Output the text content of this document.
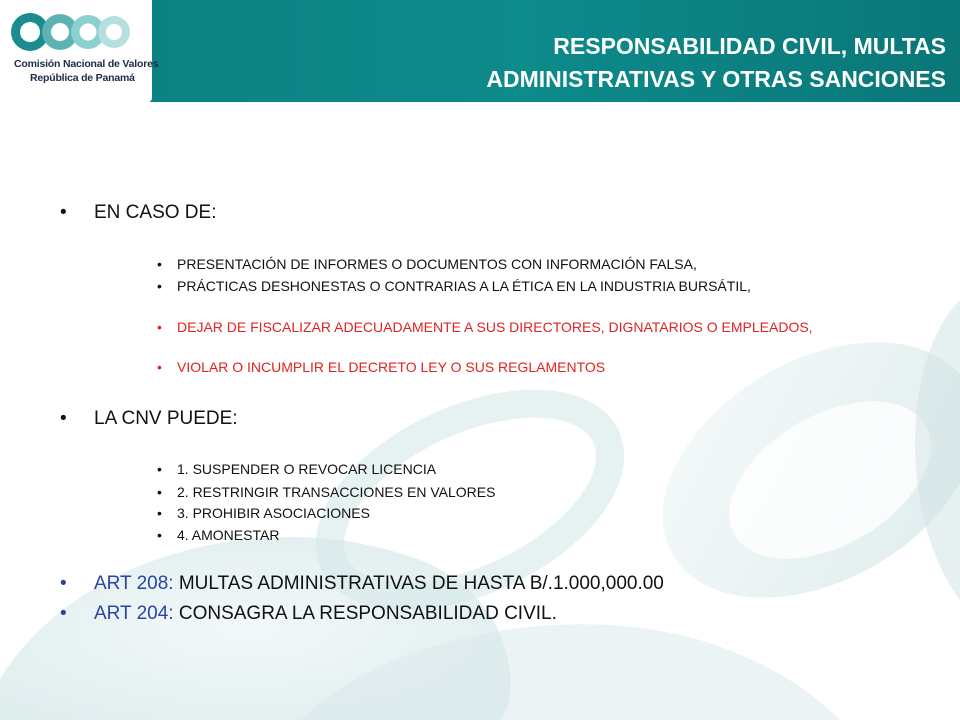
Comisión Nacional de Valores
República de Panamá
RESPONSABILIDAD CIVIL, MULTAS
ADMINISTRATIVAS Y OTRAS SANCIONES
• EN CASO DE:
• PRESENTACIÓN DE INFORMES O DOCUMENTOS CON INFORMACIÓN FALSA,
• PRÁCTICAS DESHONESTAS O CONTRARIAS A LA ÉTICA EN LA INDUSTRIA BURSÁTIL,
• DEJAR DE FISCALIZAR ADECUADAMENTE A SUS DIRECTORES, DIGNATARIOS O EMPLEADOS,
• VIOLAR O INCUMPLIR EL DECRETO LEY O SUS REGLAMENTOS
• LA CNV PUEDE:
• 1. SUSPENDER O REVOCAR LICENCIA
• 2. RESTRINGIR TRANSACCIONES EN VALORES
• 3. PROHIBIR ASOCIACIONES
• 4. AMONESTAR
• ART 208: MULTAS ADMINISTRATIVAS DE HASTA B/.1.000,000.00
• ART 204: CONSAGRA LA RESPONSABILIDAD CIVIL.
